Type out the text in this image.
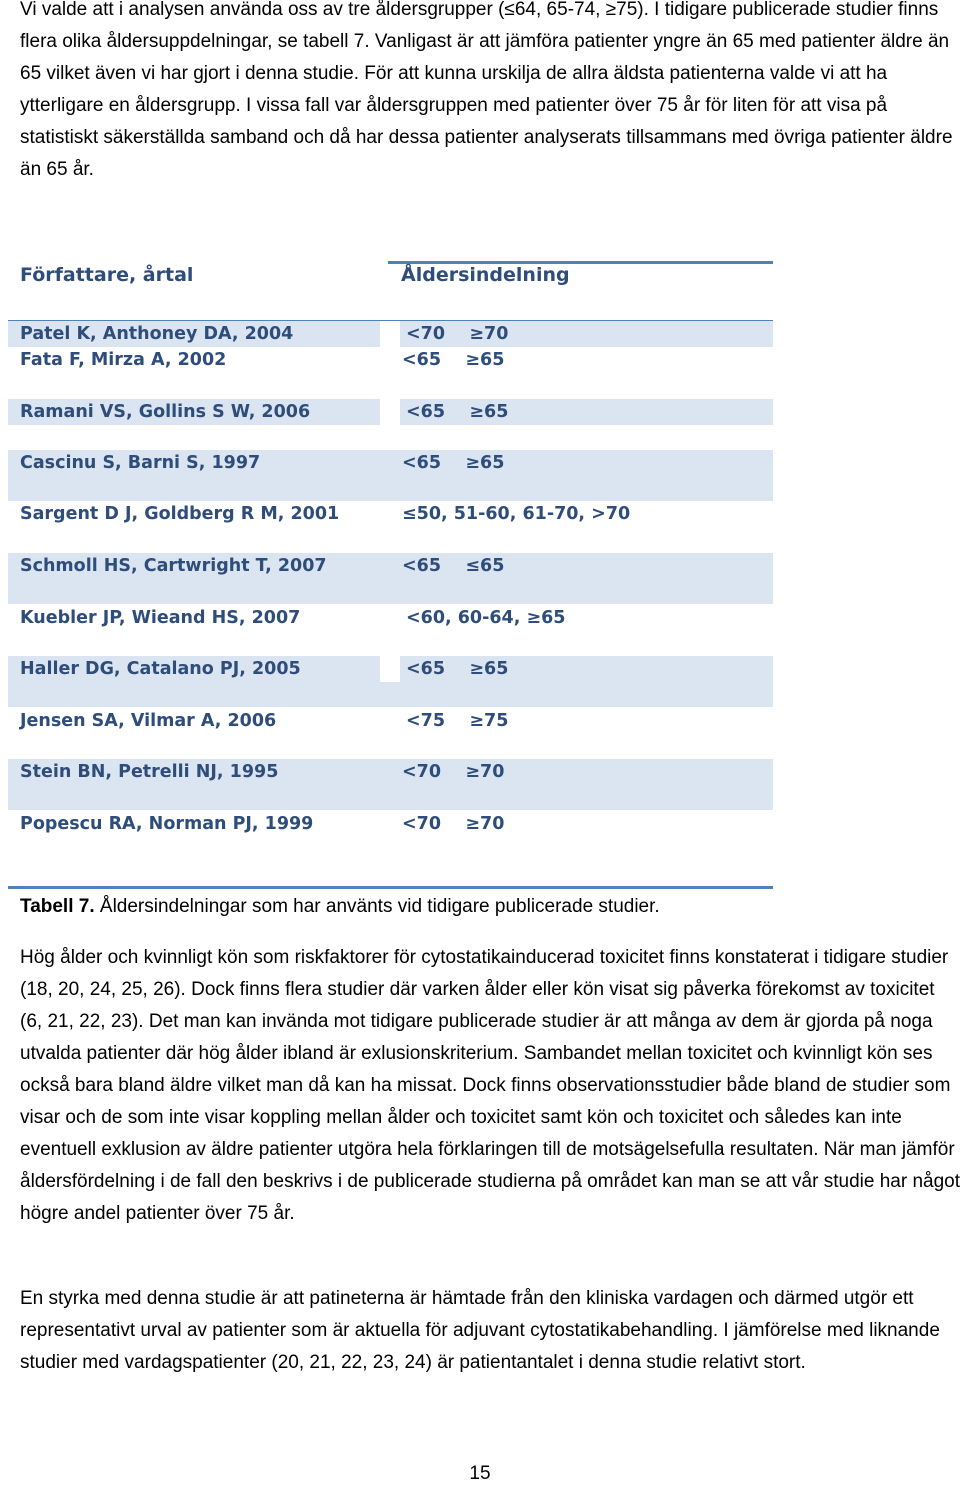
Vi valde att i analysen använda oss av tre åldersgrupper (≤64, 65-74, ≥75). I tidigare publicerade studier finns flera olika åldersuppdelningar, se tabell 7. Vanligast är att jämföra patienter yngre än 65 med patienter äldre än 65 vilket även vi har gjort i denna studie. För att kunna urskilja de allra äldsta patienterna valde vi att ha ytterligare en åldersgrupp. I vissa fall var åldersgruppen med patienter över 75 år för liten för att visa på statistiskt säkerställda samband och då har dessa patienter analyserats tillsammans med övriga patienter äldre än 65 år.

Författare, årtal	Åldersindelning
Patel K, Anthoney DA, 2004	<70    ≥70
Fata F, Mirza A, 2002	<65    ≥65
Ramani VS, Gollins S W, 2006	<65    ≥65
Cascinu S, Barni S, 1997	<65    ≥65
Sargent D J, Goldberg R M, 2001	≤50, 51-60, 61-70, >70
Schmoll HS, Cartwright T, 2007	<65    ≤65
Kuebler JP, Wieand HS, 2007	<60, 60-64, ≥65
Haller DG, Catalano PJ, 2005	<65    ≥65
Jensen SA, Vilmar A, 2006	<75    ≥75
Stein BN, Petrelli NJ, 1995	<70    ≥70
Popescu RA, Norman PJ, 1999	<70    ≥70

Tabell 7. Åldersindelningar som har använts vid tidigare publicerade studier.

Hög ålder och kvinnligt kön som riskfaktorer för cytostatikainducerad toxicitet finns konstaterat i tidigare studier (18, 20, 24, 25, 26). Dock finns flera studier där varken ålder eller kön visat sig påverka förekomst av toxicitet (6, 21, 22, 23). Det man kan invända mot tidigare publicerade studier är att många av dem är gjorda på noga utvalda patienter där hög ålder ibland är exlusionskriterium. Sambandet mellan toxicitet och kvinnligt kön ses också bara bland äldre vilket man då kan ha missat. Dock finns observationsstudier både bland de studier som visar och de som inte visar koppling mellan ålder och toxicitet samt kön och toxicitet och således kan inte eventuell exklusion av äldre patienter utgöra hela förklaringen till de motsägelsefulla resultaten. När man jämför åldersfördelning i de fall den beskrivs i de publicerade studierna på området kan man se att vår studie har något högre andel patienter över 75 år.

En styrka med denna studie är att patineterna är hämtade från den kliniska vardagen och därmed utgör ett representativt urval av patienter som är aktuella för adjuvant cytostatikabehandling. I jämförelse med liknande studier med vardagspatienter (20, 21, 22, 23, 24) är patientantalet i denna studie relativt stort.

15
